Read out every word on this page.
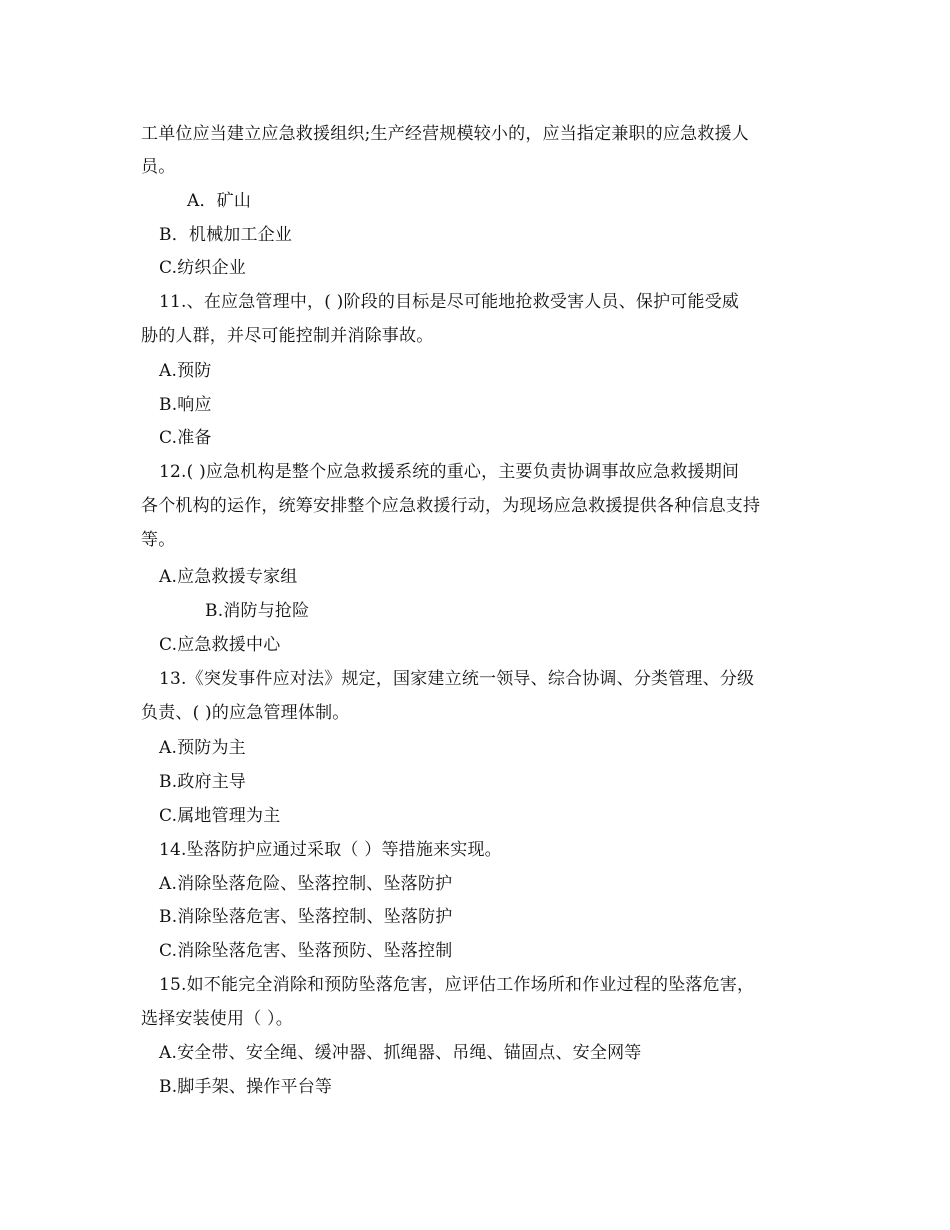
工单位应当建立应急救援组织;生产经营规模较小的，应当指定兼职的应急救援人
员。
A．矿山
B．机械加工企业
C.纺织企业
11.、在应急管理中，( )阶段的目标是尽可能地抢救受害人员、保护可能受威
胁的人群，并尽可能控制并消除事故。
A.预防
B.响应
C.准备
12.( )应急机构是整个应急救援系统的重心，主要负责协调事故应急救援期间
各个机构的运作，统筹安排整个应急救援行动，为现场应急救援提供各种信息支持
等。
A.应急救援专家组
B.消防与抢险
C.应急救援中心
13.《突发事件应对法》规定，国家建立统一领导、综合协调、分类管理、分级
负责、( )的应急管理体制。
A.预防为主
B.政府主导
C.属地管理为主
14.坠落防护应通过采取（ ）等措施来实现。
A.消除坠落危险、坠落控制、坠落防护
B.消除坠落危害、坠落控制、坠落防护
C.消除坠落危害、坠落预防、坠落控制
15.如不能完全消除和预防坠落危害，应评估工作场所和作业过程的坠落危害，
选择安装使用（ ）。
A.安全带、安全绳、缓冲器、抓绳器、吊绳、锚固点、安全网等
B.脚手架、操作平台等
